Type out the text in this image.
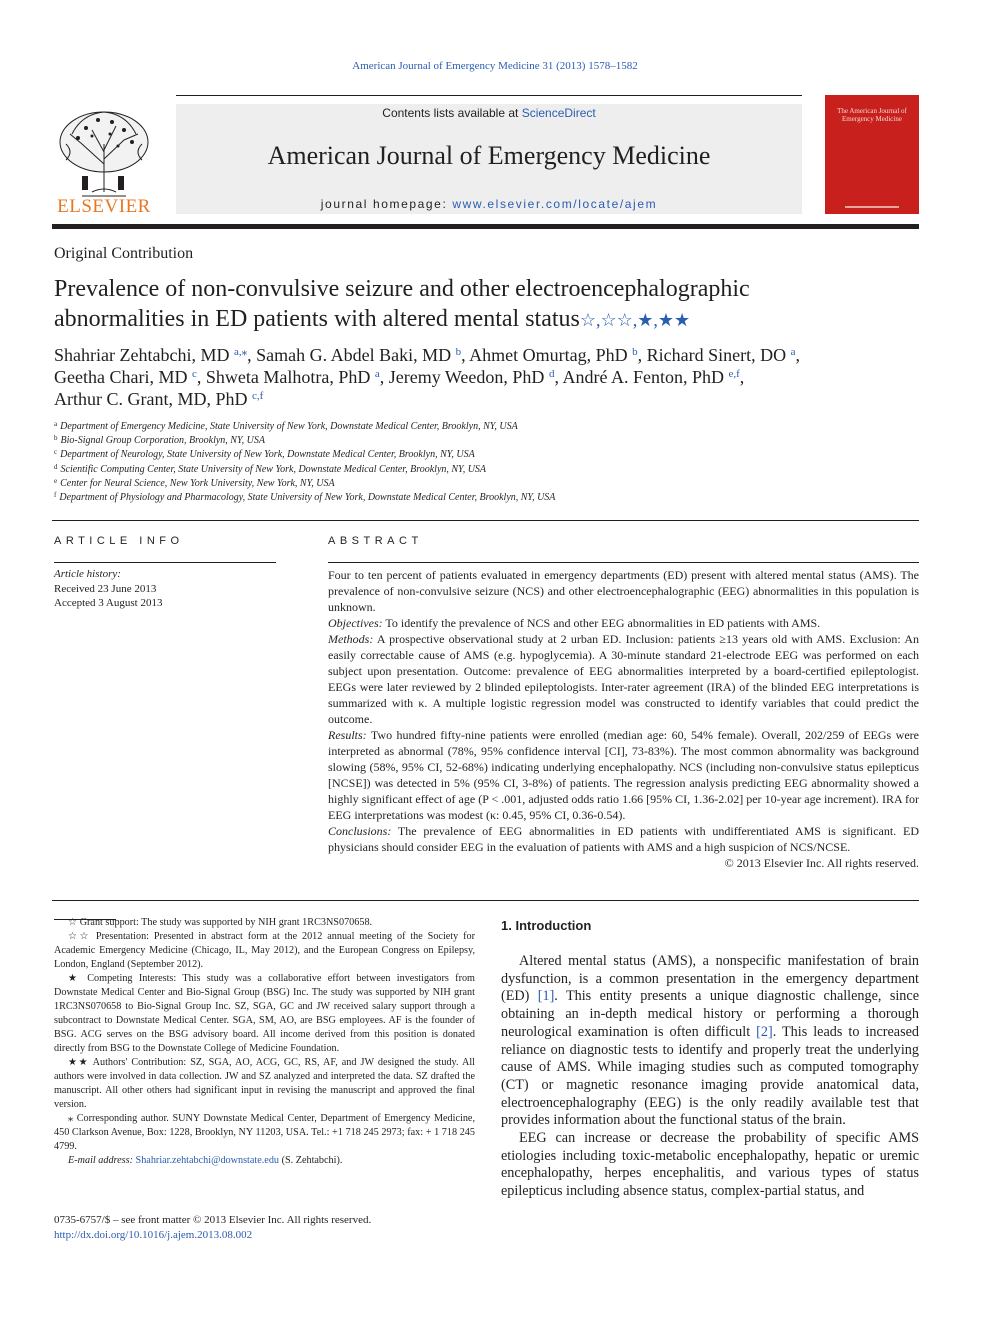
American Journal of Emergency Medicine 31 (2013) 1578–1582
ELSEVIER
Contents lists available at ScienceDirect
American Journal of Emergency Medicine
journal homepage: www.elsevier.com/locate/ajem
The American Journal of Emergency Medicine
Original Contribution
Prevalence of non-convulsive seizure and other electroencephalographic abnormalities in ED patients with altered mental status☆,☆☆,★,★★
Shahriar Zehtabchi, MD $^{a,⁎}$, Samah G. Abdel Baki, MD $^b$, Ahmet Omurtag, PhD $^b$, Richard Sinert, DO $^a$,
Geetha Chari, MD $^c$, Shweta Malhotra, PhD $^a$, Jeremy Weedon, PhD $^d$, André A. Fenton, PhD $^{e,f}$,
Arthur C. Grant, MD, PhD $^{c,f}$
$^a$ Department of Emergency Medicine, State University of New York, Downstate Medical Center, Brooklyn, NY, USA
$^b$ Bio-Signal Group Corporation, Brooklyn, NY, USA
$^c$ Department of Neurology, State University of New York, Downstate Medical Center, Brooklyn, NY, USA
$^d$ Scientific Computing Center, State University of New York, Downstate Medical Center, Brooklyn, NY, USA
$^e$ Center for Neural Science, New York University, New York, NY, USA
$^f$ Department of Physiology and Pharmacology, State University of New York, Downstate Medical Center, Brooklyn, NY, USA
ARTICLE INFO
Article history:
Received 23 June 2013
Accepted 3 August 2013
ABSTRACT

Four to ten percent of patients evaluated in emergency departments (ED) present with altered mental status (AMS). The prevalence of non-convulsive seizure (NCS) and other electroencephalographic (EEG) abnormalities in this population is unknown.

Objectives: To identify the prevalence of NCS and other EEG abnormalities in ED patients with AMS.

Methods: A prospective observational study at 2 urban ED. Inclusion: patients ≥13 years old with AMS. Exclusion: An easily correctable cause of AMS (e.g. hypoglycemia). A 30-minute standard 21-electrode EEG was performed on each subject upon presentation. Outcome: prevalence of EEG abnormalities interpreted by a board-certified epileptologist. EEGs were later reviewed by 2 blinded epileptologists. Inter-rater agreement (IRA) of the blinded EEG interpretations is summarized with κ. A multiple logistic regression model was constructed to identify variables that could predict the outcome.

Results: Two hundred fifty-nine patients were enrolled (median age: 60, 54% female). Overall, 202/259 of EEGs were interpreted as abnormal (78%, 95% confidence interval [CI], 73-83%). The most common abnormality was background slowing (58%, 95% CI, 52-68%) indicating underlying encephalopathy. NCS (including non-convulsive status epilepticus [NCSE]) was detected in 5% (95% CI, 3-8%) of patients. The regression analysis predicting EEG abnormality showed a highly significant effect of age (P < .001, adjusted odds ratio 1.66 [95% CI, 1.36-2.02] per 10-year age increment). IRA for EEG interpretations was modest (κ: 0.45, 95% CI, 0.36-0.54).

Conclusions: The prevalence of EEG abnormalities in ED patients with undifferentiated AMS is significant. ED physicians should consider EEG in the evaluation of patients with AMS and a high suspicion of NCS/NCSE.

© 2013 Elsevier Inc. All rights reserved.

☆ Grant support: The study was supported by NIH grant 1RC3NS070658.

☆☆ Presentation: Presented in abstract form at the 2012 annual meeting of the Society for Academic Emergency Medicine (Chicago, IL, May 2012), and the European Congress on Epilepsy, London, England (September 2012).

★ Competing Interests: This study was a collaborative effort between investigators from Downstate Medical Center and Bio-Signal Group (BSG) Inc. The study was supported by NIH grant 1RC3NS070658 to Bio-Signal Group Inc. SZ, SGA, GC and JW received salary support through a subcontract to Downstate Medical Center. SGA, SM, AO, are BSG employees. AF is the founder of BSG. ACG serves on the BSG advisory board. All income derived from this position is donated directly from BSG to the Downstate College of Medicine Foundation.

★★ Authors' Contribution: SZ, SGA, AO, ACG, GC, RS, AF, and JW designed the study. All authors were involved in data collection. JW and SZ analyzed and interpreted the data. SZ drafted the manuscript. All other others had significant input in revising the manuscript and approved the final version.

⁎ Corresponding author. SUNY Downstate Medical Center, Department of Emergency Medicine, 450 Clarkson Avenue, Box: 1228, Brooklyn, NY 11203, USA. Tel.: +1 718 245 2973; fax: + 1 718 245 4799.

E-mail address: Shahriar.zehtabchi@downstate.edu (S. Zehtabchi).

0735-6757/$ – see front matter © 2013 Elsevier Inc. All rights reserved.
http://dx.doi.org/10.1016/j.ajem.2013.08.002
1. Introduction

Altered mental status (AMS), a nonspecific manifestation of brain dysfunction, is a common presentation in the emergency department (ED) [1]. This entity presents a unique diagnostic challenge, since obtaining an in-depth medical history or performing a thorough neurological examination is often difficult [2]. This leads to increased reliance on diagnostic tests to identify and properly treat the underlying cause of AMS. While imaging studies such as computed tomography (CT) or magnetic resonance imaging provide anatomical data, electroencephalography (EEG) is the only readily available test that provides information about the functional status of the brain.

EEG can increase or decrease the probability of specific AMS etiologies including toxic-metabolic encephalopathy, hepatic or uremic encephalopathy, herpes encephalitis, and various types of status epilepticus including absence status, complex-partial status, and
